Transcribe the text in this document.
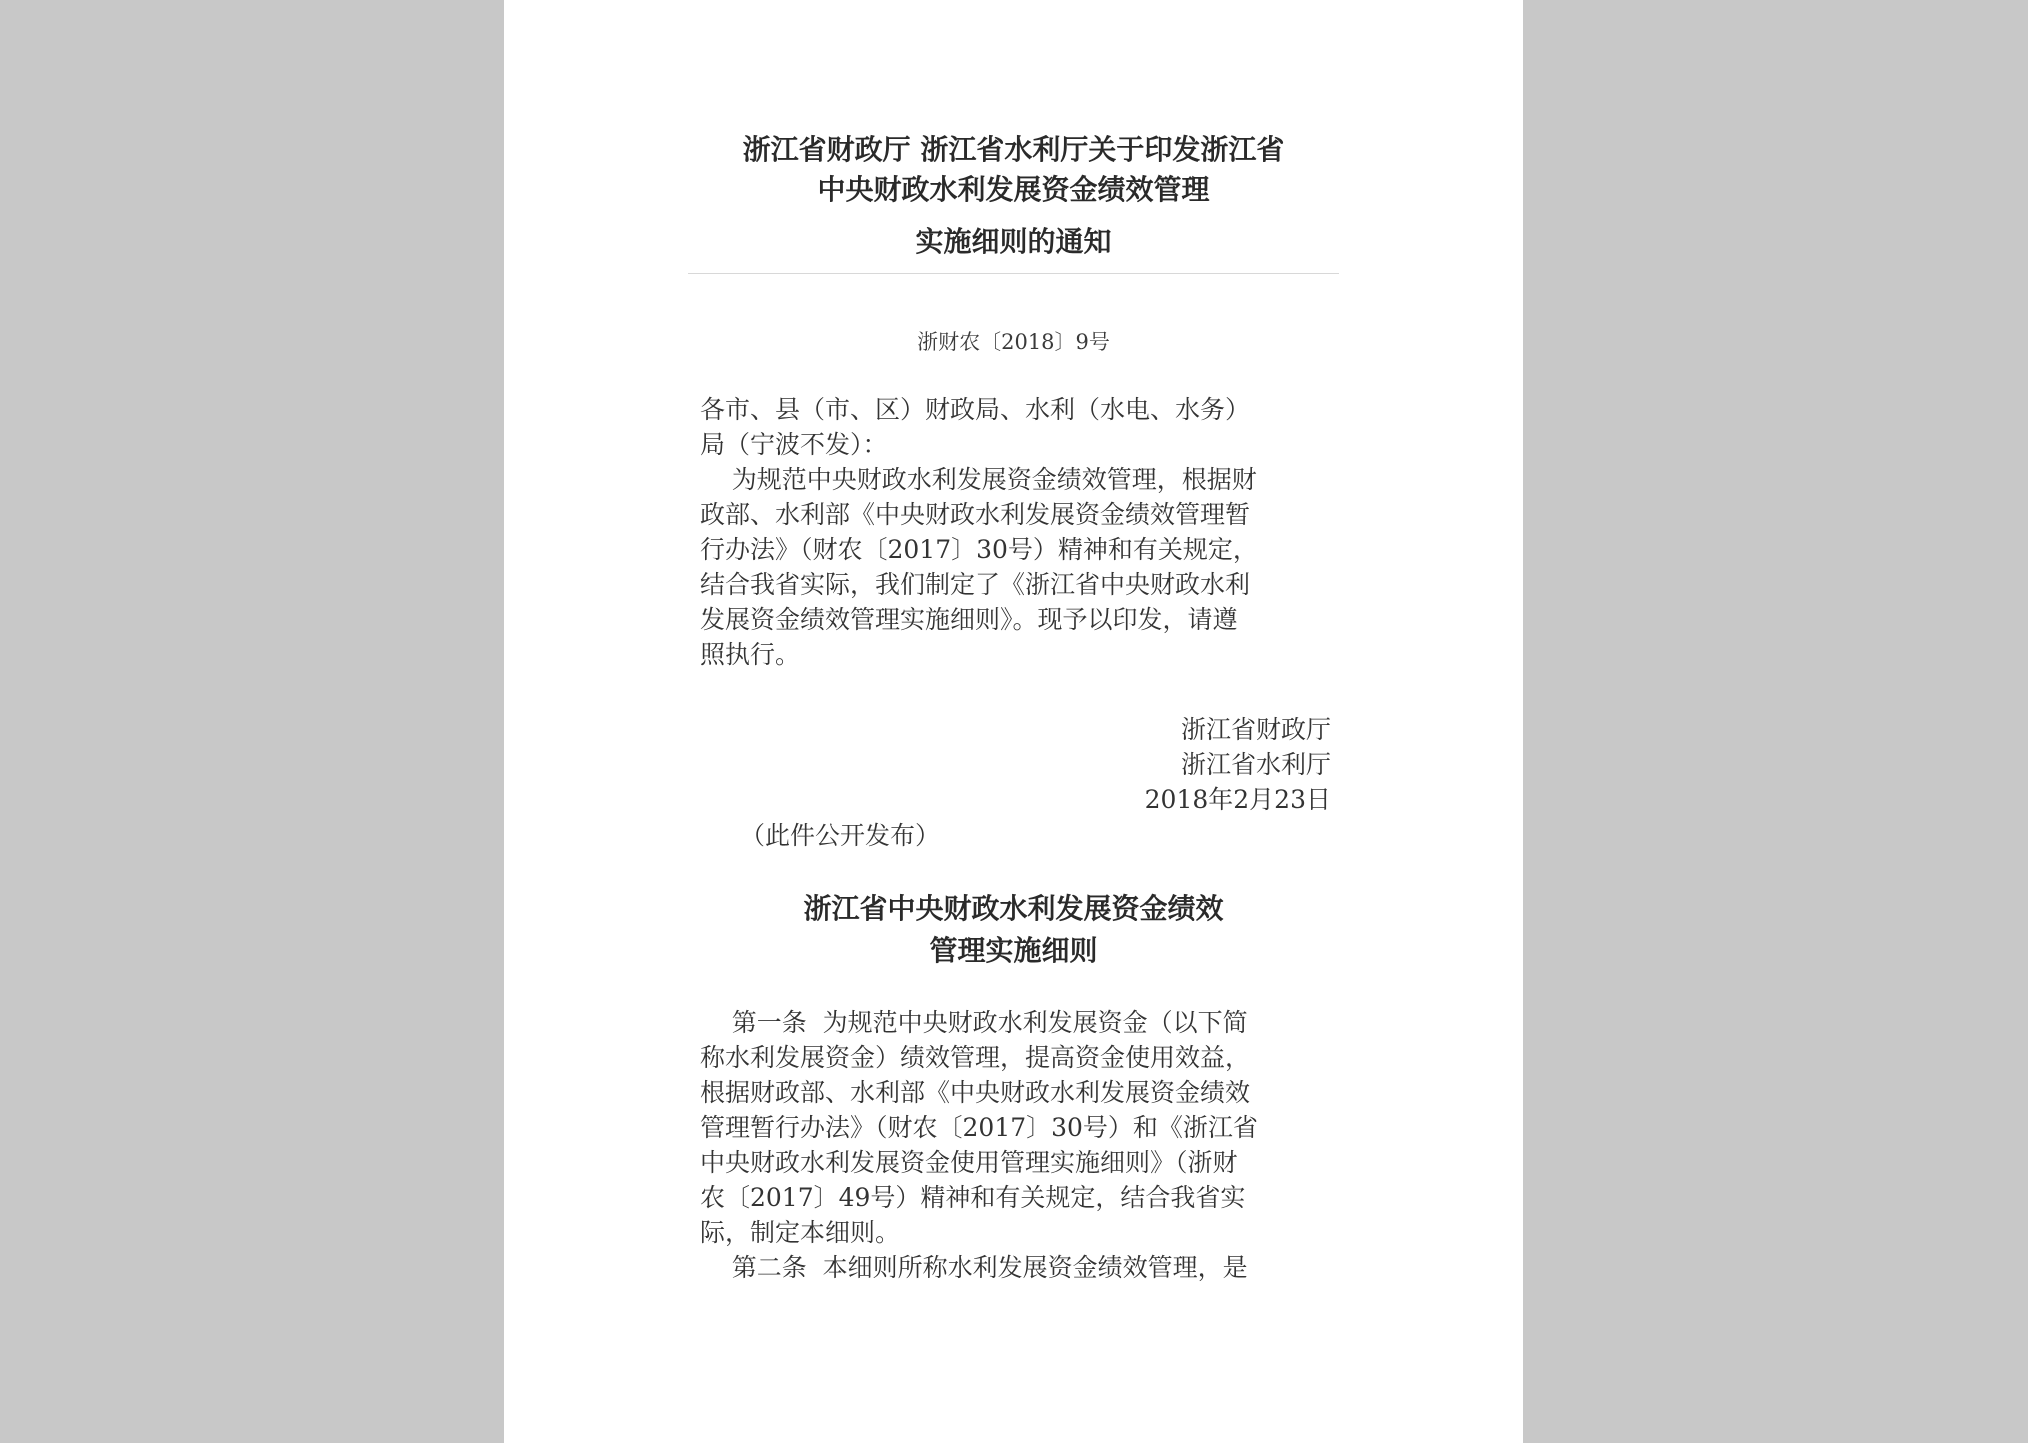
浙江省财政厅 浙江省水利厅关于印发浙江省
中央财政水利发展资金绩效管理
实施细则的通知
浙财农〔2018〕9号
各市、县（市、区）财政局、水利（水电、水务）
局（宁波不发）：
为规范中央财政水利发展资金绩效管理，根据财
政部、水利部《中央财政水利发展资金绩效管理暂
行办法》（财农〔2017〕30号）精神和有关规定，
结合我省实际，我们制定了《浙江省中央财政水利
发展资金绩效管理实施细则》。现予以印发，请遵
照执行。
浙江省财政厅
浙江省水利厅
2018年2月23日
（此件公开发布）
浙江省中央财政水利发展资金绩效
管理实施细则
第一条  为规范中央财政水利发展资金（以下简
称水利发展资金）绩效管理，提高资金使用效益，
根据财政部、水利部《中央财政水利发展资金绩效
管理暂行办法》（财农〔2017〕30号）和《浙江省
中央财政水利发展资金使用管理实施细则》（浙财
农〔2017〕49号）精神和有关规定，结合我省实
际，制定本细则。
第二条  本细则所称水利发展资金绩效管理，是
